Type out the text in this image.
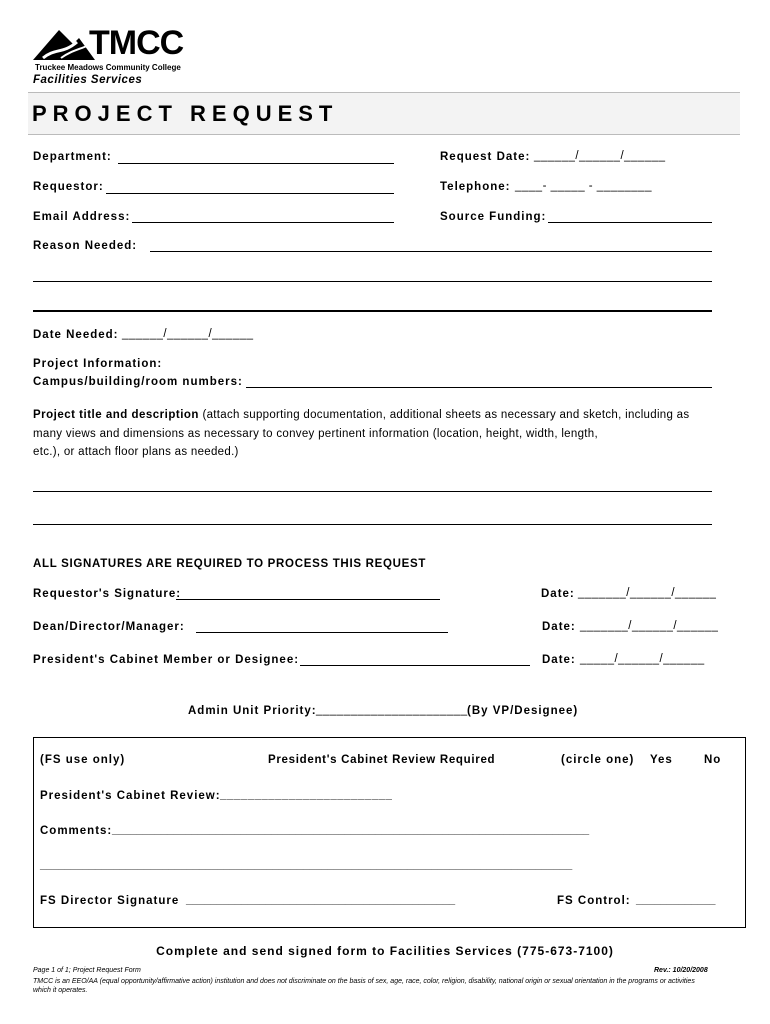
TMCC
Truckee Meadows Community College
Facilities Services
PROJECT REQUEST
Department:	Request Date: ______/______/______
Requestor:	Telephone: ____- _____ - ________
Email Address:	Source Funding:
Reason Needed:
Date Needed: ______/______/______
Project Information:
Campus/building/room numbers:
Project title and description (attach supporting documentation, additional sheets as necessary and sketch, including as
many views and dimensions as necessary to convey pertinent information (location, height, width, length,
etc.), or attach floor plans as needed.)
ALL SIGNATURES ARE REQUIRED TO PROCESS THIS REQUEST
Requestor's Signature:	Date: _______/______/______
Dean/Director/Manager:	Date: _______/______/______
President's Cabinet Member or Designee:	Date: _____/______/______
Admin Unit Priority: ______________________ (By VP/Designee)
(FS use only)	President's Cabinet Review Required	(circle one) Yes	No
President's Cabinet Review: _________________________
Comments: ______________________________________________________________________________
_______________________________________________________________________________________
FS Director Signature ____________________________________________	FS Control: _____________
Complete and send signed form to Facilities Services (775-673-7100)
Page 1 of 1; Project Request Form	Rev.: 10/20/2008
TMCC is an EEO/AA (equal opportunity/affirmative action) institution and does not discriminate on the basis of sex, age, race, color, religion, disability, national origin or sexual orientation in the programs or activities
which it operates.
